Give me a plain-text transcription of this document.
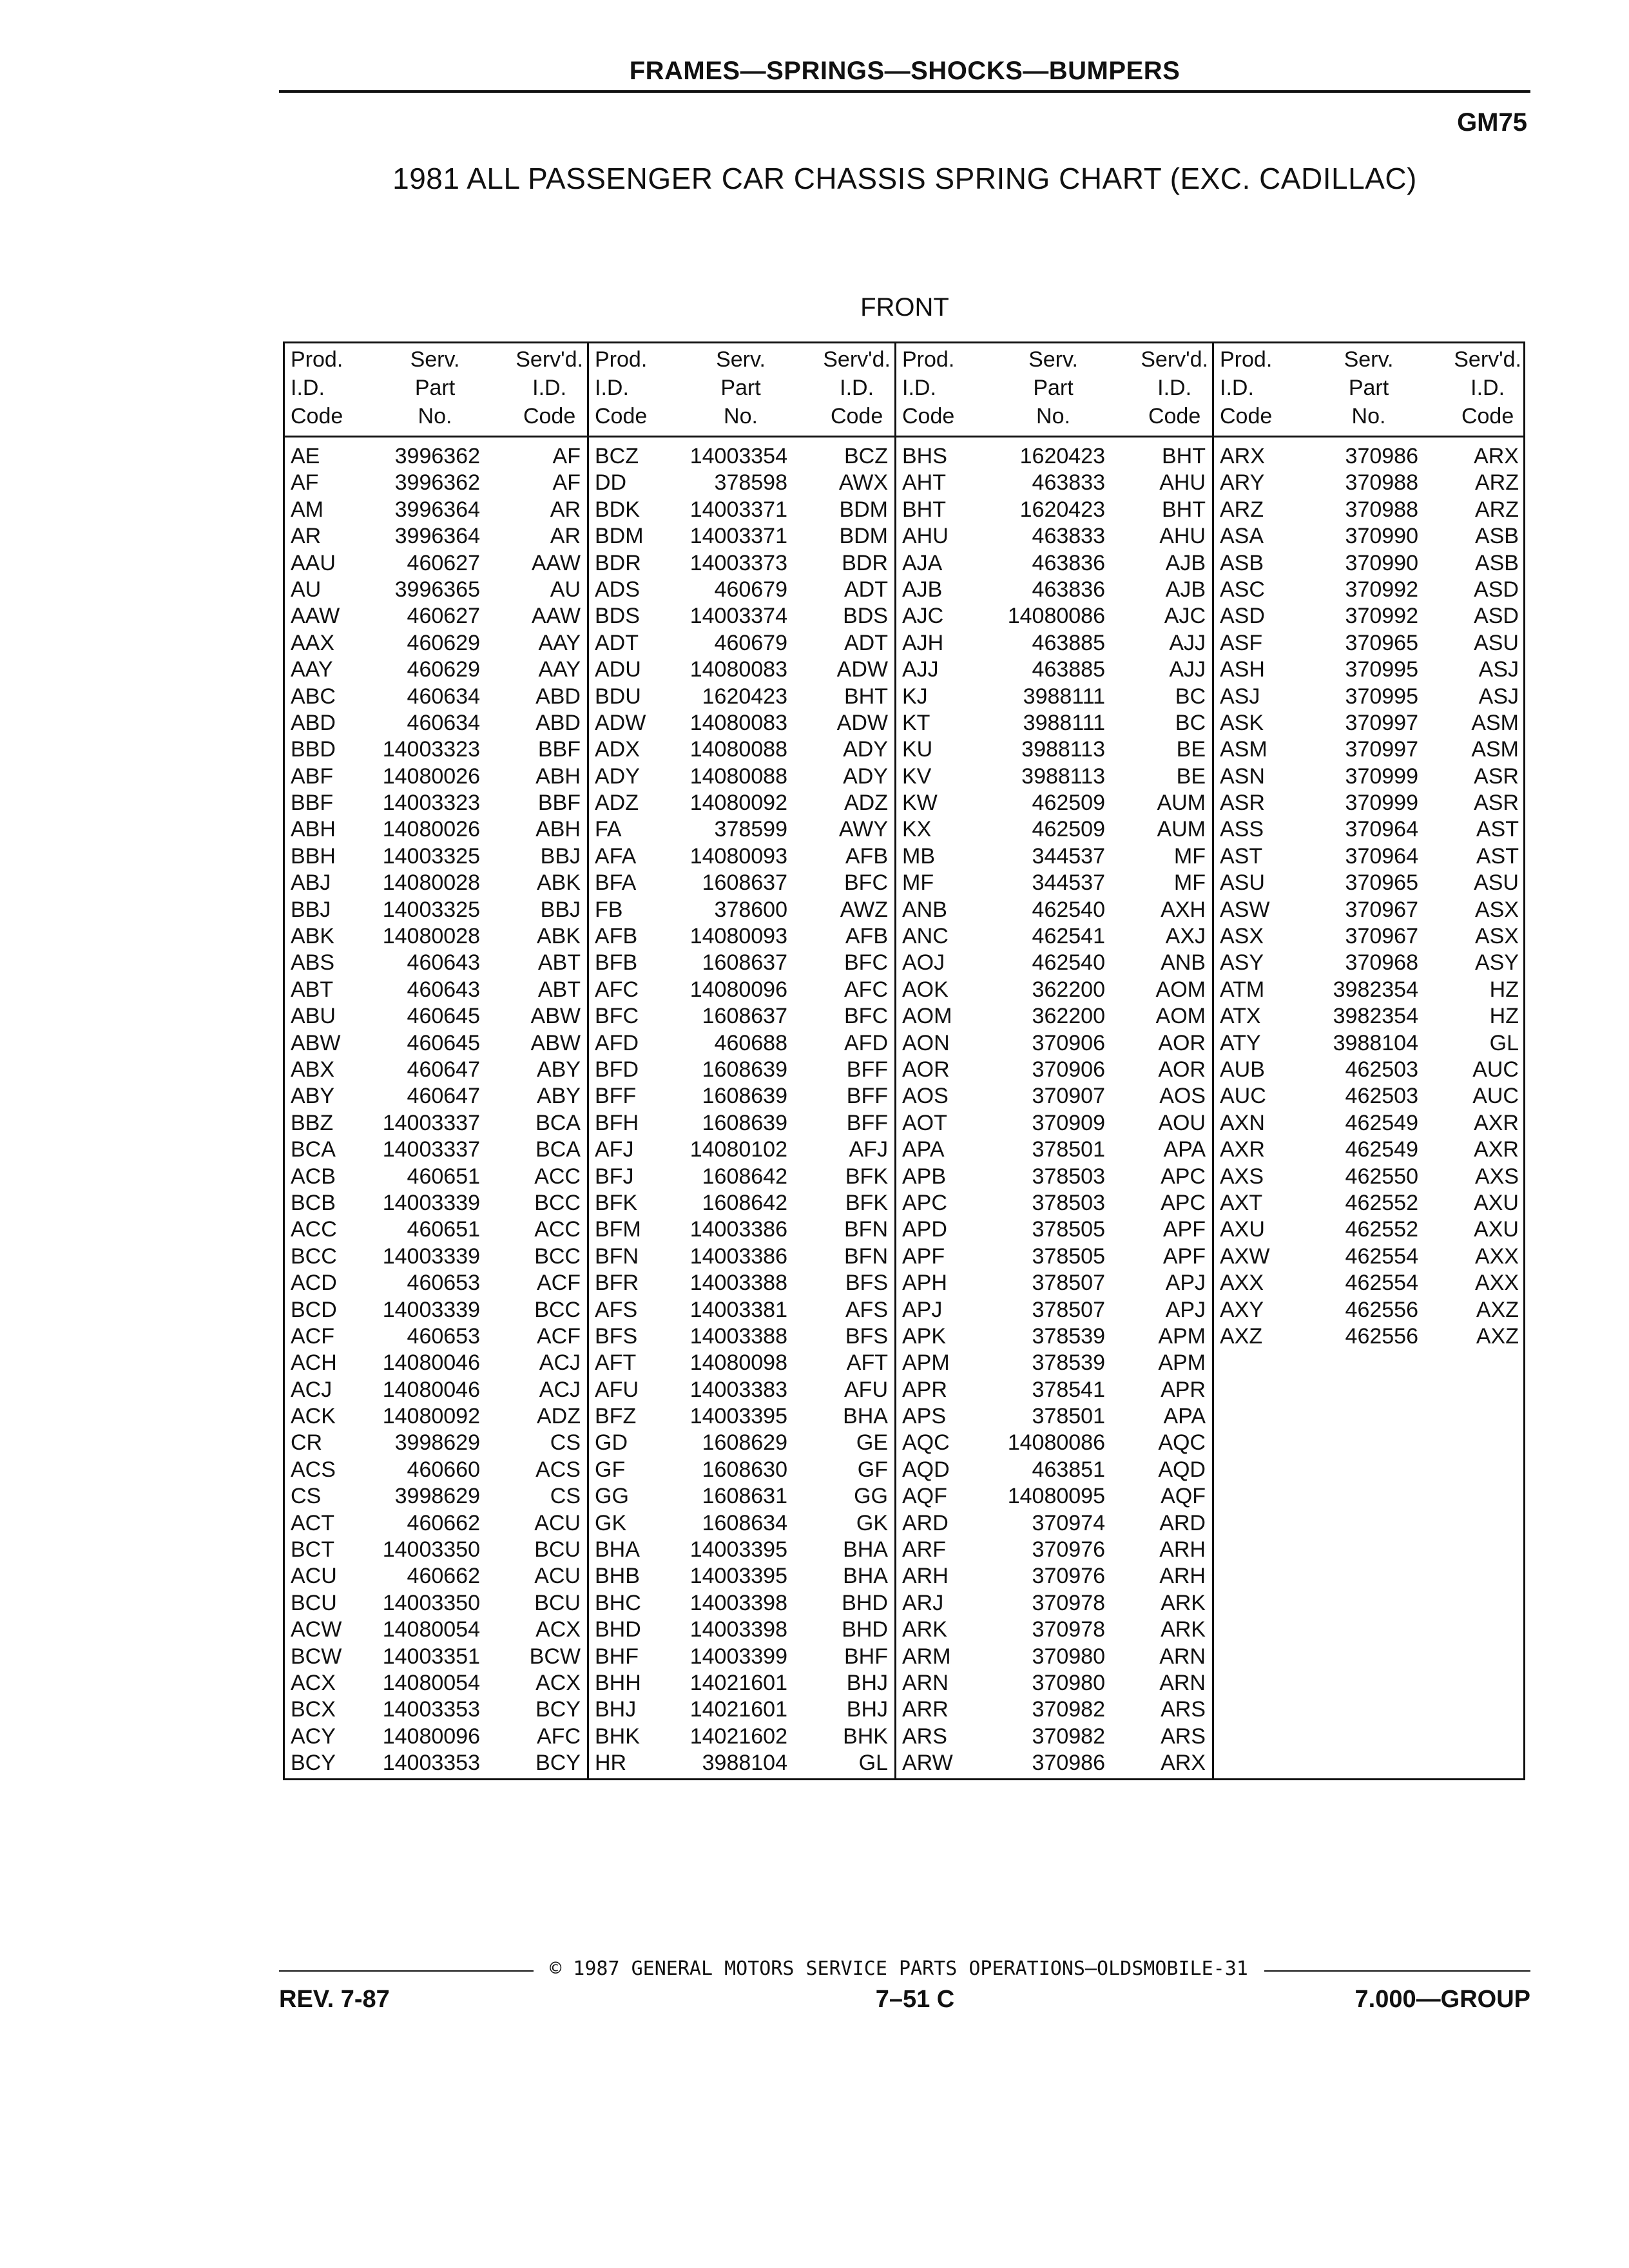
FRAMES—SPRINGS—SHOCKS—BUMPERS
GM75
1981 ALL PASSENGER CAR CHASSIS SPRING CHART (EXC. CADILLAC)
FRONT
Prod.
I.D.
Code
Serv.
Part
No.
Serv'd.
I.D.
Code
AE	3996362	AF
AF	3996362	AF
AM	3996364	AR
AR	3996364	AR
AAU	460627 AAW
AU	3996365	AU
AAW	460627 AAW
AAX	460629	AAY
AAY	460629	AAY
ABC	460634	ABD
ABD	460634	ABD
BBD 14003323	BBF
ABF 14080026	ABH
BBF 14003323	BBF
ABH 14080026	ABH
BBH 14003325	BBJ
ABJ 14080028	ABK
BBJ 14003325	BBJ
ABK 14080028	ABK
ABS	460643	ABT
ABT	460643	ABT
ABU	460645 ABW
ABW	460645 ABW
ABX	460647	ABY
ABY	460647	ABY
BBZ 14003337	BCA
BCA 14003337	BCA
ACB	460651 ACC
BCB 14003339 BCC
ACC	460651 ACC
BCC 14003339 BCC
ACD	460653	ACF
BCD 14003339 BCC
ACF	460653	ACF
ACH 14080046	ACJ
ACJ 14080046	ACJ
ACK 14080092	ADZ
CR	3998629	CS
ACS	460660	ACS
CS	3998629	CS
ACT	460662 ACU
BCT 14003350 BCU
ACU	460662 ACU
BCU 14003350 BCU
ACW 14080054	ACX
BCW 14003351 BCW
ACX 14080054	ACX
BCX 14003353	BCY
ACY 14080096	AFC
BCY 14003353	BCY
Prod.
I.D.
Code
Serv.
Part
No.
Serv'd.
I.D.
Code
BCZ 14003354	BCZ
DD	378598 AWX
BDK 14003371 BDM
BDM 14003371 BDM
BDR 14003373 BDR
ADS	460679	ADT
BDS 14003374	BDS
ADT	460679	ADT
ADU 14080083 ADW
BDU	1620423	BHT
ADW 14080083 ADW
ADX 14080088	ADY
ADY 14080088	ADY
ADZ 14080092	ADZ
FA	378599 AWY
AFA 14080093	AFB
BFA	1608637	BFC
FB	378600 AWZ
AFB 14080093	AFB
BFB	1608637	BFC
AFC 14080096	AFC
BFC	1608637	BFC
AFD	460688	AFD
BFD	1608639	BFF
BFF	1608639	BFF
BFH	1608639	BFF
AFJ	14080102	AFJ
BFJ	1608642	BFK
BFK	1608642	BFK
BFM 14003386	BFN
BFN 14003386	BFN
BFR 14003388	BFS
AFS 14003381	AFS
BFS 14003388	BFS
AFT 14080098	AFT
AFU 14003383	AFU
BFZ 14003395	BHA
GD	1608629	GE
GF	1608630	GF
GG	1608631	GG
GK	1608634	GK
BHA 14003395	BHA
BHB 14003395	BHA
BHC 14003398 BHD
BHD 14003398 BHD
BHF 14003399	BHF
BHH 14021601	BHJ
BHJ 14021601	BHJ
BHK 14021602	BHK
HR	3988104	GL
Prod.
I.D.
Code
Serv.
Part
No.
Serv'd.
I.D.
Code
BHS	1620423	BHT
AHT	463833 AHU
BHT	1620423	BHT
AHU	463833 AHU
AJA	463836	AJB
AJB	463836	AJB
AJC	14080086	AJC
AJH	463885	AJJ
AJJ	463885	AJJ
KJ	3988111	BC
KT	3988111	BC
KU	3988113	BE
KV	3988113	BE
KW	462509 AUM
KX	462509 AUM
MB	344537	MF
MF	344537	MF
ANB	462540	AXH
ANC	462541	AXJ
AOJ	462540	ANB
AOK	362200 AOM
AOM	362200 AOM
AON	370906 AOR
AOR	370906 AOR
AOS	370907 AOS
AOT	370909 AOU
APA	378501	APA
APB	378503	APC
APC	378503	APC
APD	378505	APF
APF	378505	APF
APH	378507	APJ
APJ	378507	APJ
APK	378539 APM
APM	378539 APM
APR	378541	APR
APS	378501	APA
AQC	14080086 AQC
AQD	463851 AQD
AQF	14080095	AQF
ARD	370974 ARD
ARF	370976 ARH
ARH	370976 ARH
ARJ	370978	ARK
ARK	370978	ARK
ARM	370980 ARN
ARN	370980 ARN
ARR	370982	ARS
ARS	370982	ARS
ARW	370986	ARX
Prod.
I.D.
Code
Serv.
Part
No.
Serv'd.
I.D.
Code
ARX	370986	ARX
ARY	370988	ARZ
ARZ	370988	ARZ
ASA	370990	ASB
ASB	370990	ASB
ASC	370992	ASD
ASD	370992	ASD
ASF	370965	ASU
ASH	370995	ASJ
ASJ	370995	ASJ
ASK	370997 ASM
ASM	370997 ASM
ASN	370999	ASR
ASR	370999	ASR
ASS	370964	AST
AST	370964	AST
ASU	370965	ASU
ASW	370967	ASX
ASX	370967	ASX
ASY	370968	ASY
ATM	3982354	HZ
ATX	3982354	HZ
ATY	3988104	GL
AUB	462503 AUC
AUC	462503 AUC
AXN	462549	AXR
AXR	462549	AXR
AXS	462550	AXS
AXT	462552	AXU
AXU	462552	AXU
AXW	462554	AXX
AXX	462554	AXX
AXY	462556	AXZ
AXZ	462556	AXZ
© 1987 GENERAL MOTORS SERVICE PARTS OPERATIONS—OLDSMOBILE-31
REV. 7-87	7–51 C	7.000—GROUP
